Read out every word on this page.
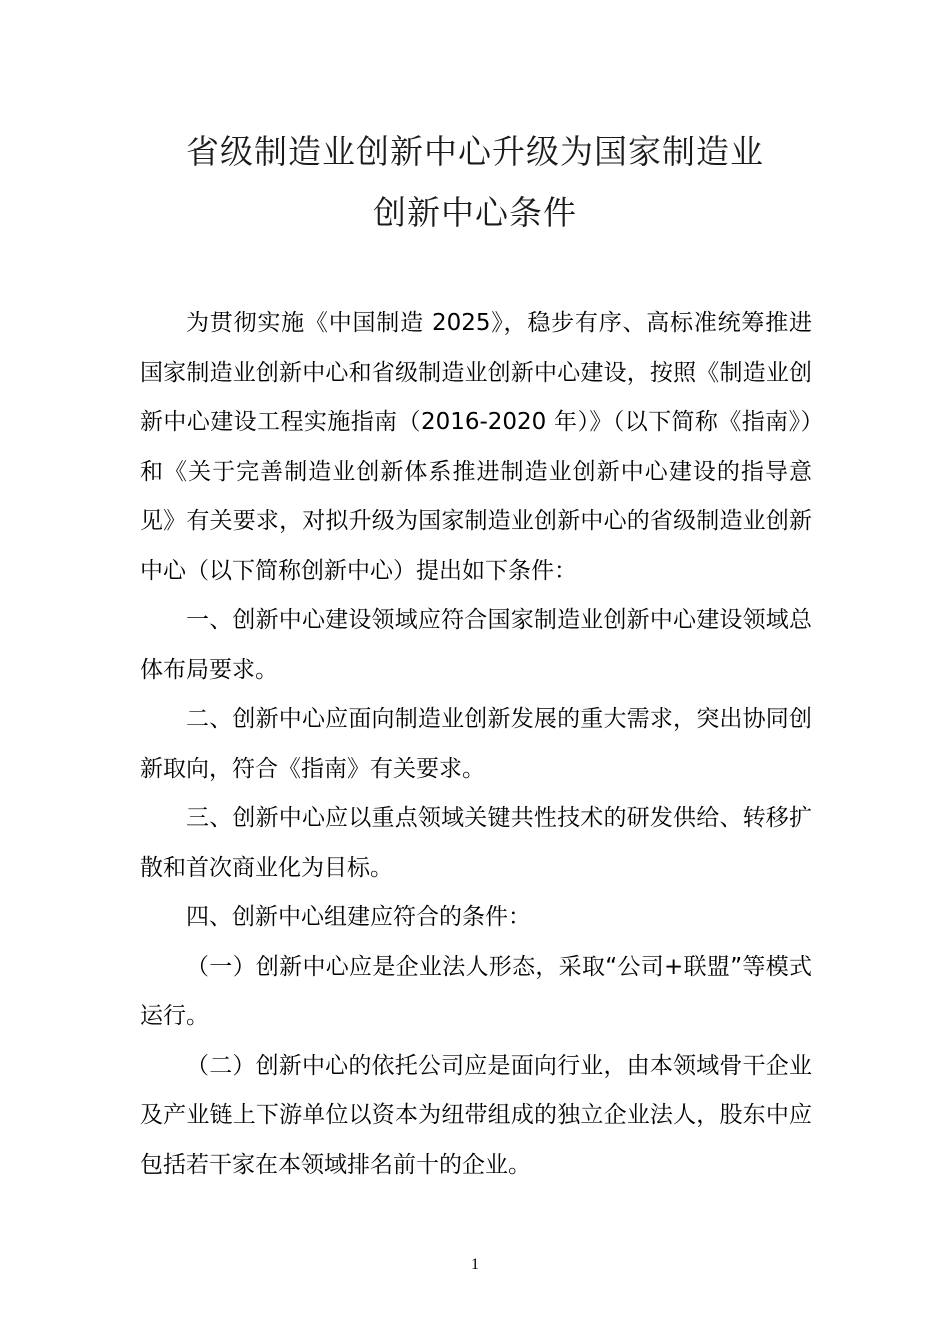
省级制造业创新中心升级为国家制造业
创新中心条件

为贯彻实施《中国制造 2025》，稳步有序、高标准统筹推进国家制造业创新中心和省级制造业创新中心建设，按照《制造业创新中心建设工程实施指南（2016-2020 年）》（以下简称《指南》）和《关于完善制造业创新体系推进制造业创新中心建设的指导意见》有关要求，对拟升级为国家制造业创新中心的省级制造业创新中心（以下简称创新中心）提出如下条件：

一、创新中心建设领域应符合国家制造业创新中心建设领域总体布局要求。

二、创新中心应面向制造业创新发展的重大需求，突出协同创新取向，符合《指南》有关要求。

三、创新中心应以重点领域关键共性技术的研发供给、转移扩散和首次商业化为目标。

四、创新中心组建应符合的条件：

（一）创新中心应是企业法人形态，采取“公司+联盟”等模式运行。

（二）创新中心的依托公司应是面向行业，由本领域骨干企业及产业链上下游单位以资本为纽带组成的独立企业法人，股东中应包括若干家在本领域排名前十的企业。

1
